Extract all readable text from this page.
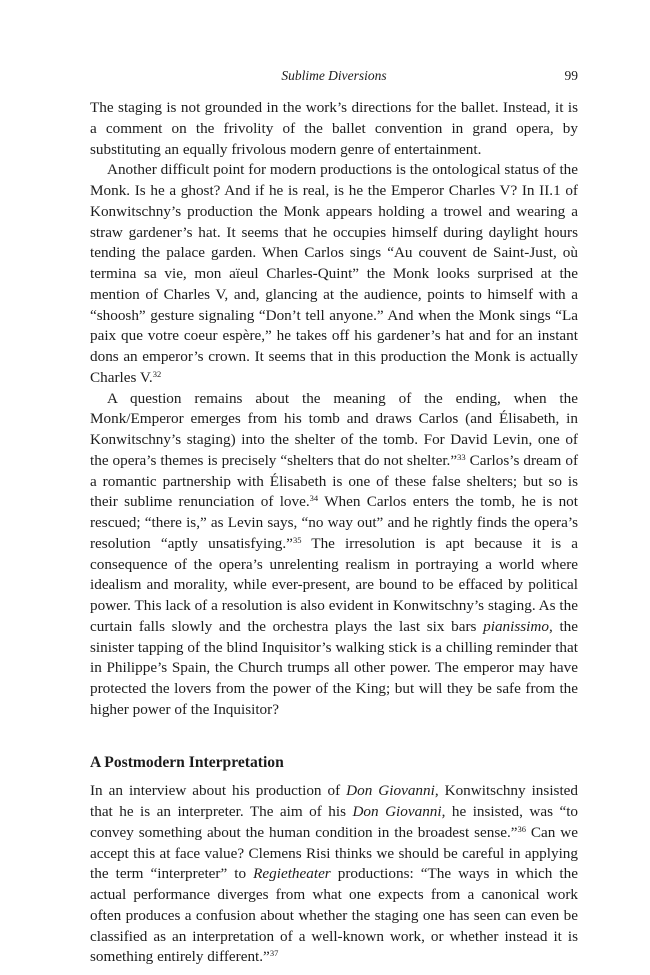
Sublime Diversions	99

The staging is not grounded in the work’s directions for the ballet. Instead, it is a comment on the frivolity of the ballet convention in grand opera, by substituting an equally frivolous modern genre of entertainment.

Another difficult point for modern productions is the ontological status of the Monk. Is he a ghost? And if he is real, is he the Emperor Charles V? In II.1 of Konwitschny’s production the Monk appears holding a trowel and wearing a straw gardener’s hat. It seems that he occupies himself during daylight hours tending the palace garden. When Carlos sings “Au couvent de Saint-Just, où termina sa vie, mon aïeul Charles-Quint” the Monk looks surprised at the mention of Charles V, and, glancing at the audience, points to himself with a “shoosh” gesture signaling “Don’t tell anyone.” And when the Monk sings “La paix que votre coeur espère,” he takes off his gardener’s hat and for an instant dons an emperor’s crown. It seems that in this production the Monk is actually Charles V.$^{32}$

A question remains about the meaning of the ending, when the Monk/Emperor emerges from his tomb and draws Carlos (and Élisabeth, in Konwitschny’s staging) into the shelter of the tomb. For David Levin, one of the opera’s themes is precisely “shelters that do not shelter.”$^{33}$ Carlos’s dream of a romantic partnership with Élisabeth is one of these false shelters; but so is their sublime renunciation of love.$^{34}$ When Carlos enters the tomb, he is not rescued; “there is,” as Levin says, “no way out” and he rightly finds the opera’s resolution “aptly unsatisfying.”$^{35}$ The irresolution is apt because it is a consequence of the opera’s unrelenting realism in portraying a world where idealism and morality, while ever-present, are bound to be effaced by political power. This lack of a resolution is also evident in Konwitschny’s staging. As the curtain falls slowly and the orchestra plays the last six bars pianissimo, the sinister tapping of the blind Inquisitor’s walking stick is a chilling reminder that in Philippe’s Spain, the Church trumps all other power. The emperor may have protected the lovers from the power of the King; but will they be safe from the higher power of the Inquisitor?

A Postmodern Interpretation

In an interview about his production of Don Giovanni, Konwitschny insisted that he is an interpreter. The aim of his Don Giovanni, he insisted, was “to convey something about the human condition in the broadest sense.”$^{36}$ Can we accept this at face value? Clemens Risi thinks we should be careful in applying the term “interpreter” to Regietheater productions: “The ways in which the actual performance diverges from what one expects from a canonical work often produces a confusion about whether the staging one has seen can even be classified as an interpretation of a well-known work, or whether instead it is something entirely different.”$^{37}$
